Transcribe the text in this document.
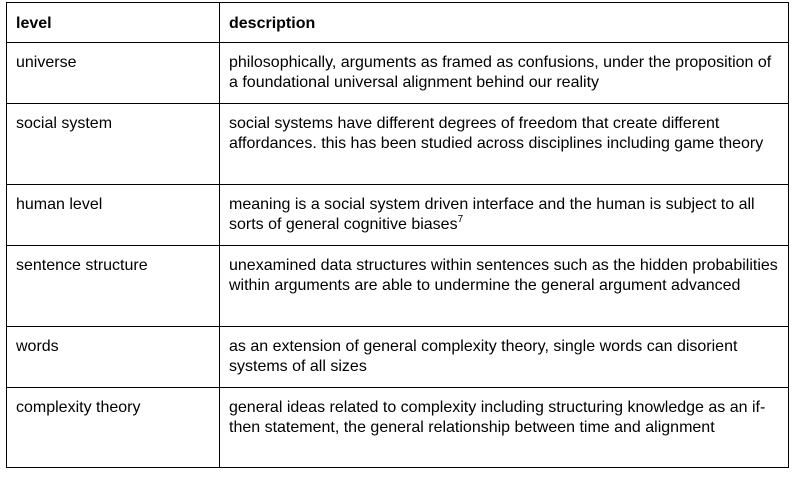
level	description
universe	philosophically, arguments as framed as confusions, under the proposition of a foundational universal alignment behind our reality
social system	social systems have different degrees of freedom that create different affordances. this has been studied across disciplines including game theory
human level	meaning is a social system driven interface and the human is subject to all sorts of general cognitive biases$^7$
sentence structure	unexamined data structures within sentences such as the hidden probabilities within arguments are able to undermine the general argument advanced
words	as an extension of general complexity theory, single words can disorient systems of all sizes
complexity theory	general ideas related to complexity including structuring knowledge as an if-then statement, the general relationship between time and alignment
